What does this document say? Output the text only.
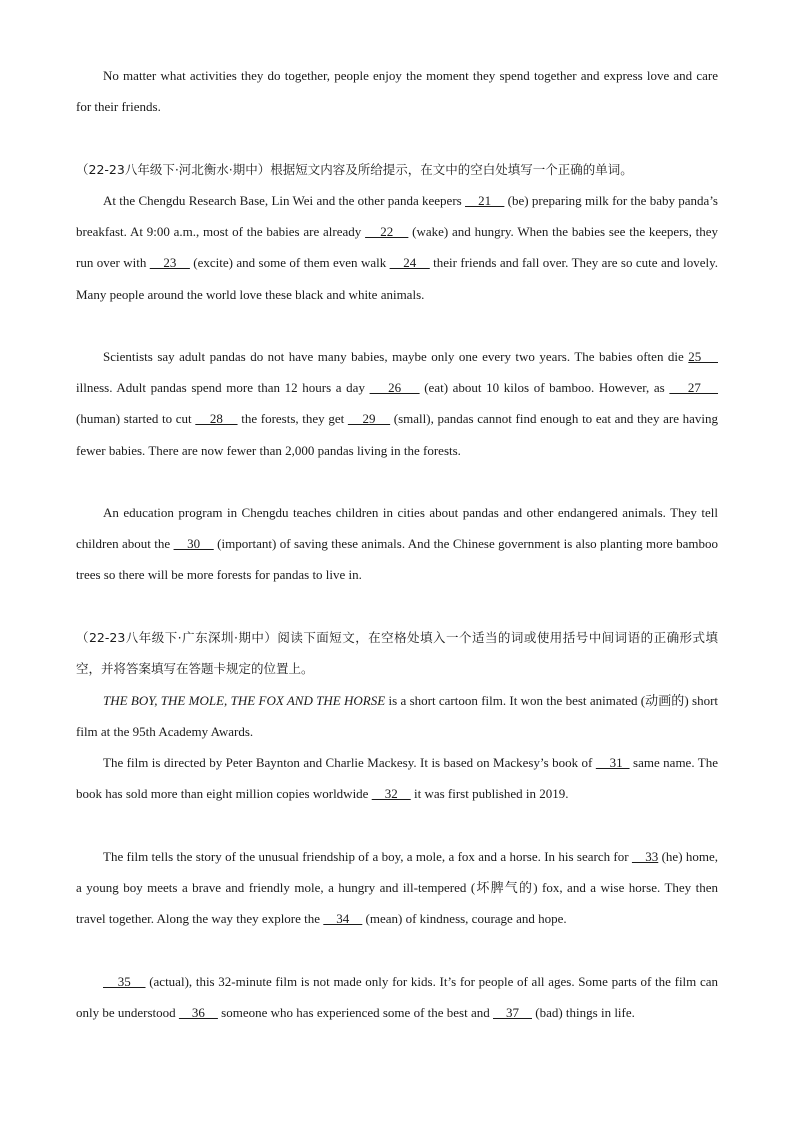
No matter what activities they do together, people enjoy the moment they spend together and express love and care for their friends.

（22-23八年级下·河北衡水·期中）根据短文内容及所给提示，在文中的空白处填写一个正确的单词。

At the Chengdu Research Base, Lin Wei and the other panda keepers     21     (be) preparing milk for the baby panda’s breakfast. At 9:00 a.m., most of the babies are already     22     (wake) and hungry. When the babies see the keepers, they run over with     23     (excite) and some of them even walk     24     their friends and fall over. They are so cute and lovely. Many people around the world love these black and white animals.

Scientists say adult pandas do not have many babies, maybe only one every two years. The babies often die 25     illness. Adult pandas spend more than 12 hours a day     26     (eat) about 10 kilos of bamboo. However, as     27     (human) started to cut     28     the forests, they get     29     (small), pandas cannot find enough to eat and they are having fewer babies. There are now fewer than 2,000 pandas living in the forests.

An education program in Chengdu teaches children in cities about pandas and other endangered animals. They tell children about the     30     (important) of saving these animals. And the Chinese government is also planting more bamboo trees so there will be more forests for pandas to live in.

（22-23八年级下·广东深圳·期中）阅读下面短文，在空格处填入一个适当的词或使用括号中间词语的正确形式填空，并将答案填写在答题卡规定的位置上。

THE BOY, THE MOLE, THE FOX AND THE HORSE is a short cartoon film. It won the best animated (动画的) short film at the 95th Academy Awards.

The film is directed by Peter Baynton and Charlie Mackesy. It is based on Mackesy’s book of     31   same name. The book has sold more than eight million copies worldwide     32     it was first published in 2019.

The film tells the story of the unusual friendship of a boy, a mole, a fox and a horse. In his search for     33 (he) home, a young boy meets a brave and friendly mole, a hungry and ill-tempered (坏脾气的) fox, and a wise horse. They then travel together. Along the way they explore the     34     (mean) of kindness, courage and hope.

35     (actual), this 32-minute film is not made only for kids. It’s for people of all ages. Some parts of the film can only be understood     36     someone who has experienced some of the best and     37     (bad) things in life.
